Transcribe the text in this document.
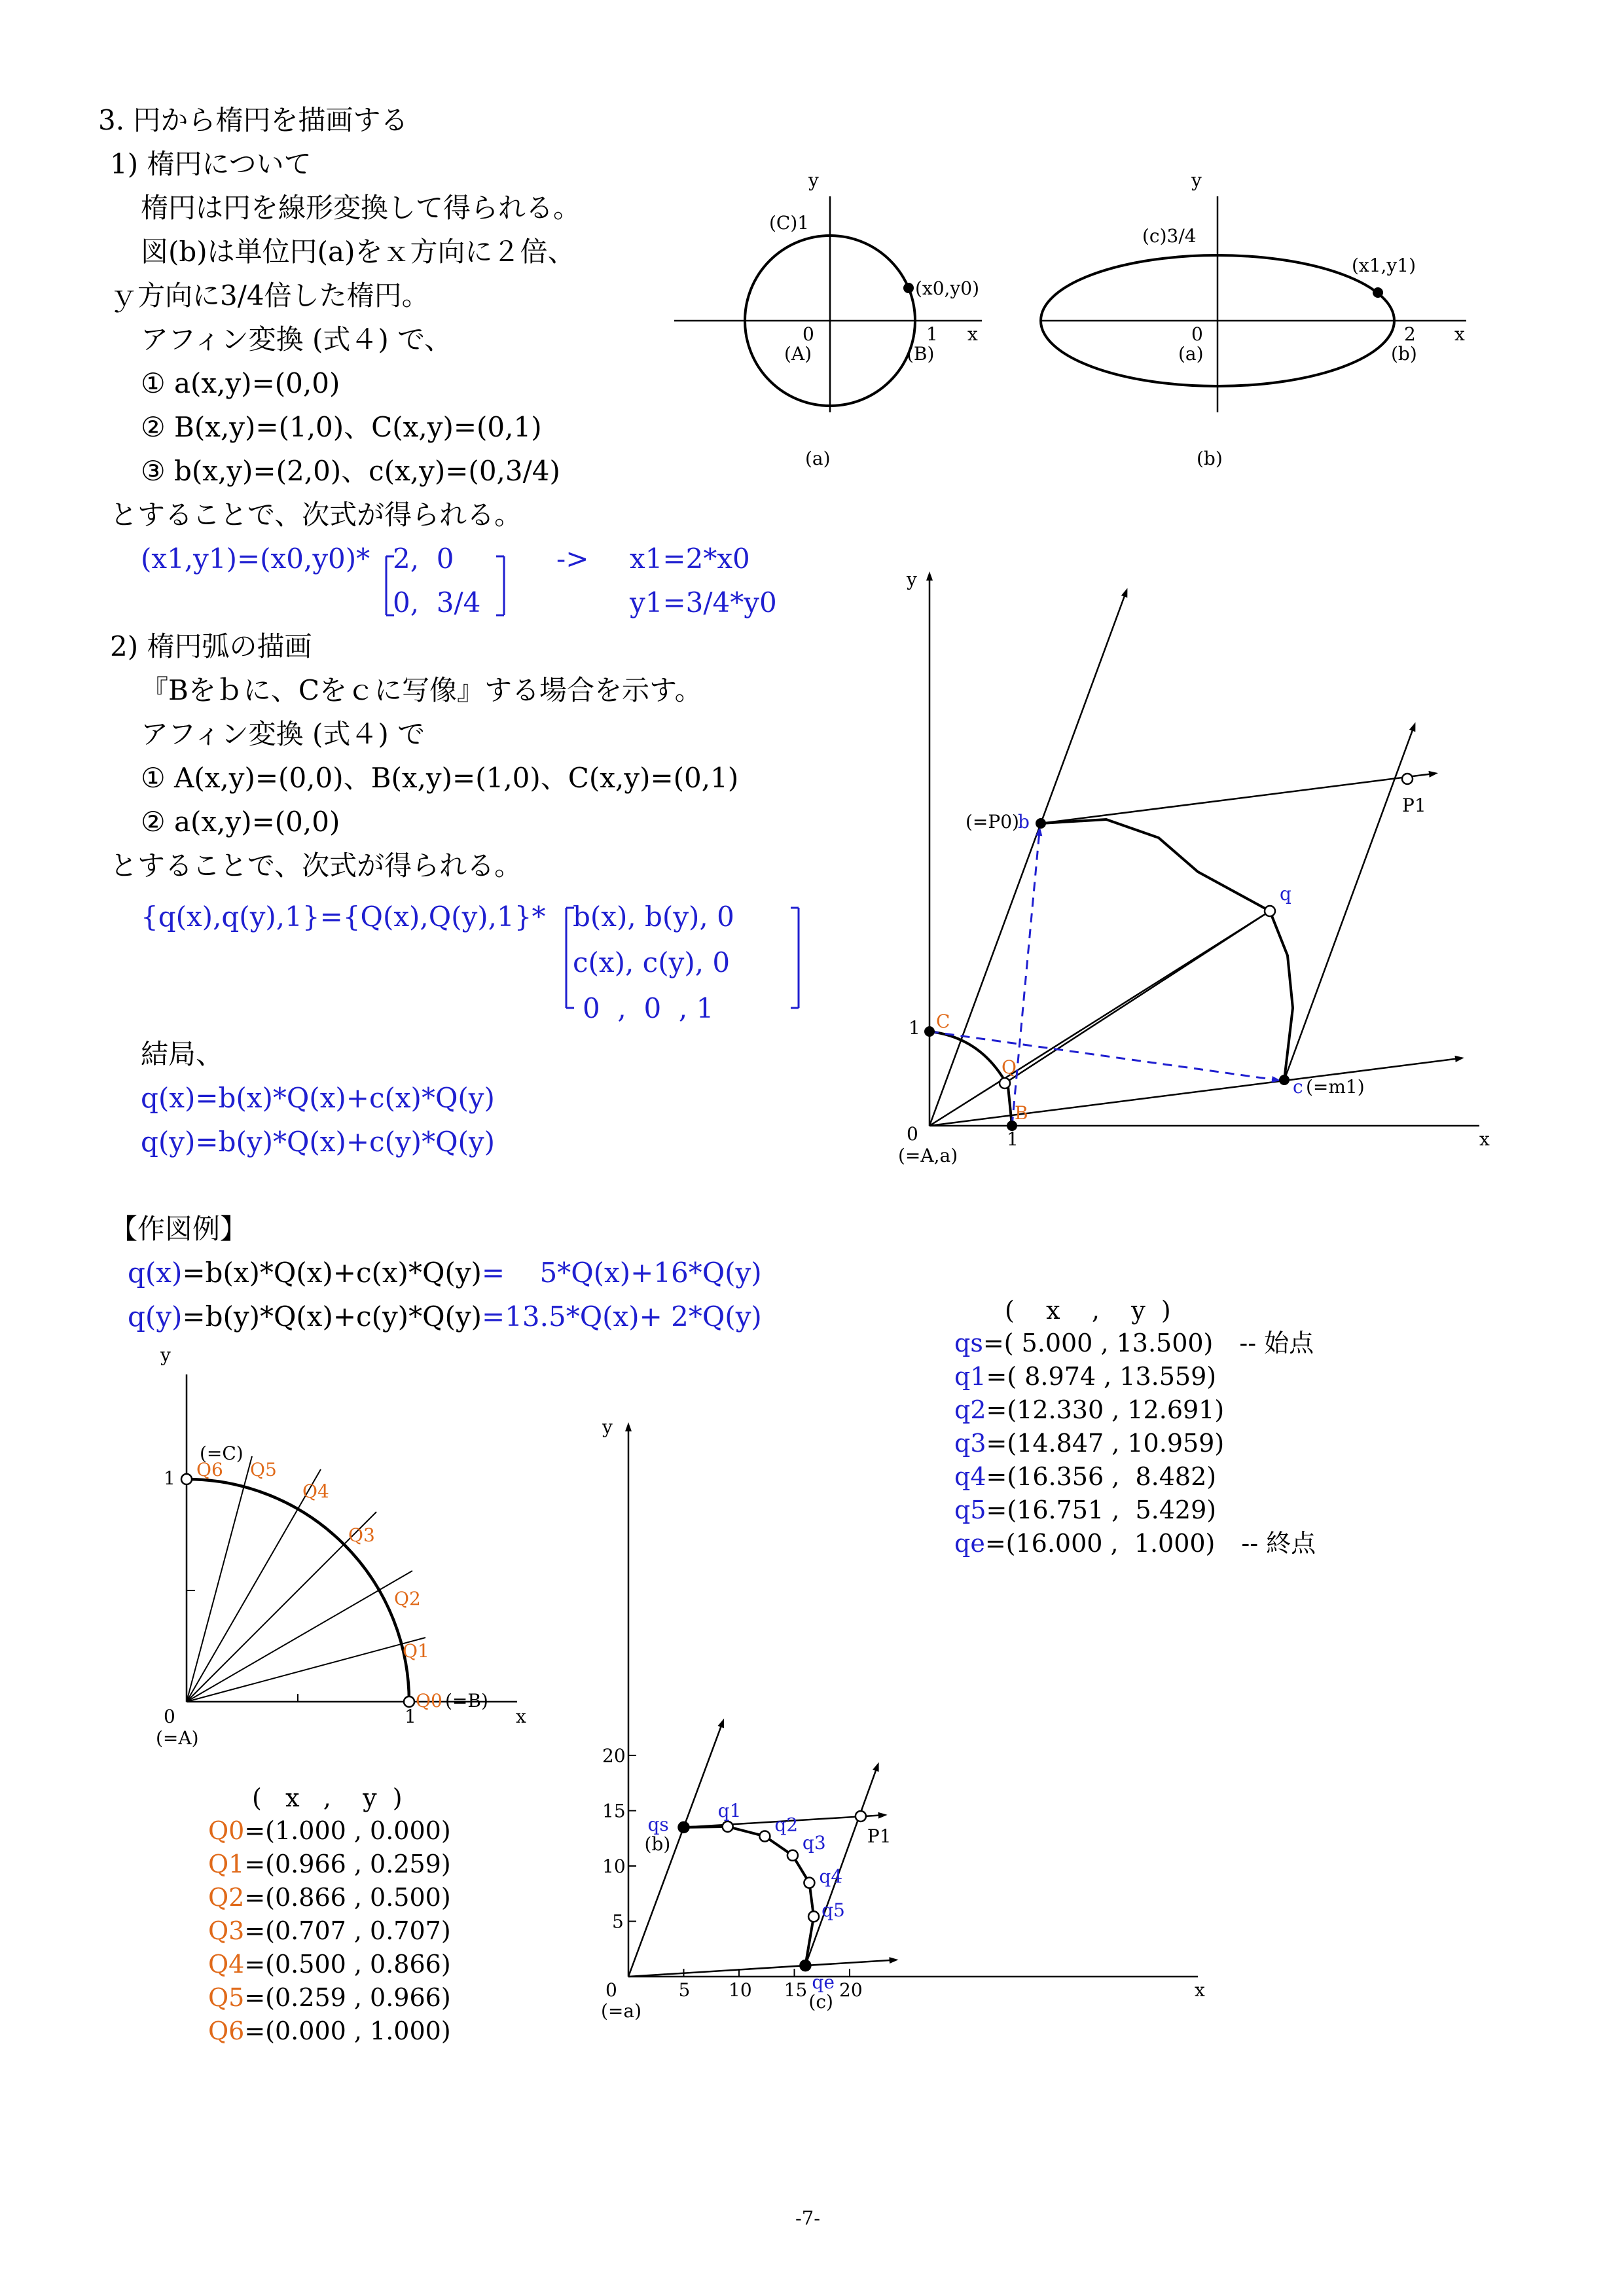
3. 円から楕円を描画する
1) 楕円について
楕円は円を線形変換して得られる。
図(b)は単位円(a)をｘ方向に２倍、
ｙ方向に3/4倍した楕円。
アフィン変換 (式４) で、
① a(x,y)=(0,0)
② B(x,y)=(1,0)、C(x,y)=(0,1)
③ b(x,y)=(2,0)、c(x,y)=(0,3/4)
とすることで、次式が得られる。
(x1,y1)=(x0,y0)* 2,  0
0,  3/4
-> x1=2*x0
y1=3/4*y0
2) 楕円弧の描画
『Bをｂに、Cをｃに写像』する場合を示す。
アフィン変換 (式４) で
① A(x,y)=(0,0)、B(x,y)=(1,0)、C(x,y)=(0,1)
② a(x,y)=(0,0)
とすることで、次式が得られる。
{q(x),q(y),1}={Q(x),Q(y),1}* b(x), b(y), 0
c(x), c(y), 0
0  ,  0  , 1
結局、
q(x)=b(x)*Q(x)+c(x)*Q(y)
q(y)=b(y)*Q(x)+c(y)*Q(y)
【作図例】
q(x)=b(x)*Q(x)+c(x)*Q(y)=    5*Q(x)+16*Q(y)
q(y)=b(y)*Q(x)+c(y)*Q(y)=13.5*Q(x)+ 2*Q(y)
y
(C)1
(x0,y0)
x
0	1
(A)	(B)
(a)
y
(c)3/4
(x1,y1)
x
0	2
(a)	(b)
(b)
y
x
(=P0)
b
P1
q
1 C
Q
B
c (=m1)
0	1
(=A,a)
y
x
(=C)
1
1
0
(=A)
(=B)
Q0
Q1
Q2
Q3
Q4
Q5
Q6
(   x   ,    y  )
Q0=(1.000 , 0.000)
Q1=(0.966 , 0.259)
Q2=(0.866 , 0.500)
Q3=(0.707 , 0.707)
Q4=(0.500 , 0.866)
Q5=(0.259 , 0.966)
Q6=(0.000 , 1.000)
(    x    ,    y  )
qs=( 5.000 , 13.500) -- 始点
q1=( 8.974 , 13.559)
q2=(12.330 , 12.691)
q3=(14.847 , 10.959)
q4=(16.356 ,  8.482)
q5=(16.751 ,  5.429)
qe=(16.000 ,  1.000) -- 終点
y
x
0
(=a)
5 10 15 20
5
10
15
20
qs
(b)	P1
qe
(c)
q1
q2
q3
q4
q5
-7-
